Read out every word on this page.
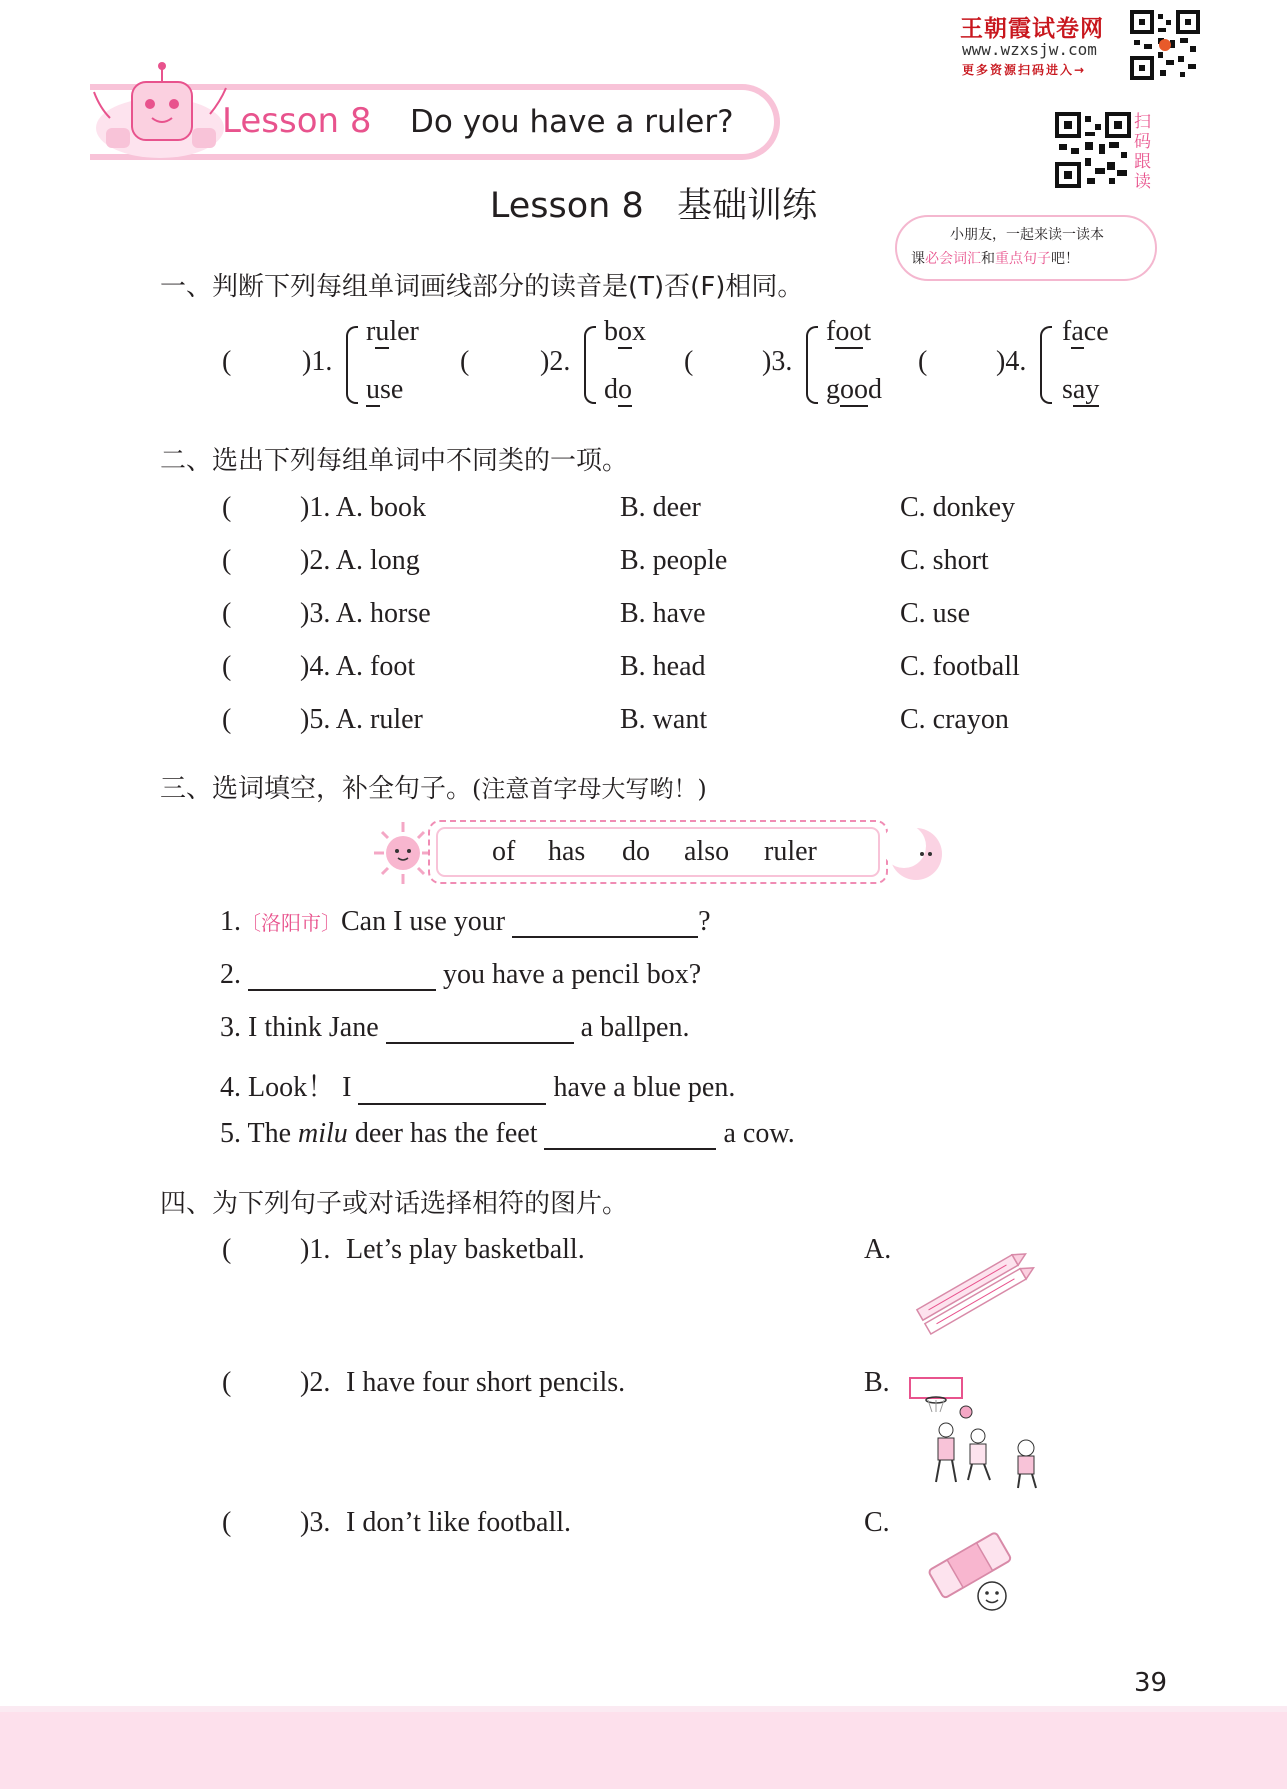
王朝霞试卷网
www.wzxsjw.com
更多资源扫码进入→
Lesson 8 Do you have a ruler?	扫码跟读
Lesson 8   基础训练
小朋友，一起来读一读本
课必会词汇和重点句子吧！
一、判断下列每组单词画线部分的读音是(T)否(F)相同。
(	)1.
ruler
use
(	)2.
box
do
( )3.
foot
good
( )4.
face
say
二、选出下列每组单词中不同类的一项。
( )1. A. book	B. deer	C. donkey
( )2. A. long	B. people	C. short
( )3. A. horse	B. have	C. use
( )4. A. foot	B. head	C. football
( )5. A. ruler	B. want	C. crayon
三、选词填空，补全句子。(注意首字母大写哟！)
of has do also ruler
1.〔洛阳市〕Can I use your	?
2.	you have a pencil box?
3. I think Jane	a ballpen.
4. Look！ I	have a blue pen.
5. The milu deer has the feet	a cow.
四、为下列句子或对话选择相符的图片。
( )1. Let’s play basketball.	A.
( )2. I have four short pencils.	B.
( )3. I don’t like football.	C.
39
